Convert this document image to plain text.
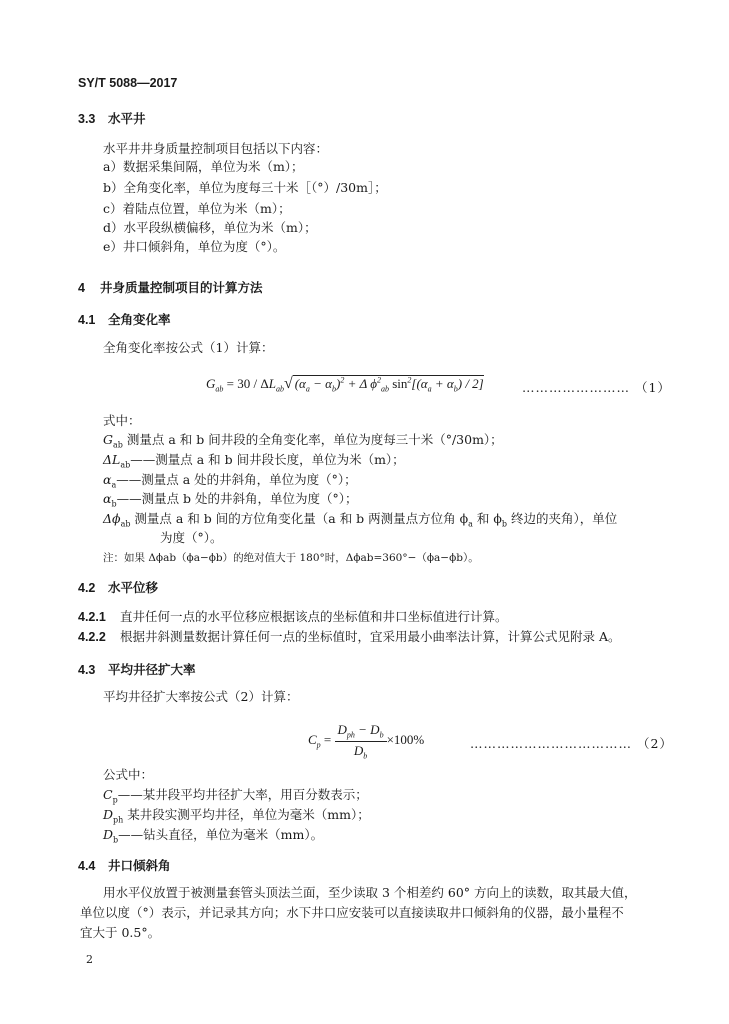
SY/T 5088—2017
3.3 水平井
水平井井身质量控制项目包括以下内容：
a）数据采集间隔，单位为米（m）；
b）全角变化率，单位为度每三十米［（°）/30m］；
c）着陆点位置，单位为米（m）；
d）水平段纵横偏移，单位为米（m）；
e）井口倾斜角，单位为度（°）。
4 井身质量控制项目的计算方法
4.1 全角变化率
全角变化率按公式（1）计算：
$G_{ab} = 30 / \Delta L_{ab}√$ $(\alpha_a - \alpha_b)^2 + \Delta$ $\phi^2_{ab}$ $\sin^2[(\alpha_a + \alpha_b) / 2]$	…………………… （1）
式中：
$G_{ab}$ 测量点 a 和 b 间井段的全角变化率，单位为度每三十米（°/30m）；
$\Delta L_{ab}——$测量点 a 和 b 间井段长度，单位为米（m）；
$\alpha_a——$测量点 a 处的井斜角，单位为度（°）；
$\alpha_b——$测量点 b 处的井斜角，单位为度（°）；
$\Delta\phi_{ab}$ 测量点 a 和 b 间的方位角变化量（a 和 b 两测量点方位角 $\phi_a$ 和 $\phi_b$ 终边的夹角），单位
为度（°）。
注：如果 Δϕab（ϕa−ϕb）的绝对值大于 180°时，Δϕab=360°−（ϕa−ϕb）。
4.2 水平位移
4.2.1 直井任何一点的水平位移应根据该点的坐标值和井口坐标值进行计算。
4.2.2 根据井斜测量数据计算任何一点的坐标值时，宜采用最小曲率法计算，计算公式见附录 A。
4.3 平均井径扩大率
平均井径扩大率按公式（2）计算：
$C_p = \frac{D_{ph} - D_b}{D_b} \times 100\%$	……………………………… （2）
公式中：
$C_p——$某井段平均井径扩大率，用百分数表示；
$D_{ph}$ 某井段实测平均井径，单位为毫米（mm）；
$D_b——$钻头直径，单位为毫米（mm）。
4.4 井口倾斜角
用水平仪放置于被测量套管头顶法兰面，至少读取 3 个相差约 60° 方向上的读数，取其最大值，
单位以度（°）表示，并记录其方向；水下井口应安装可以直接读取井口倾斜角的仪器，最小量程不
宜大于 0.5°。
2
